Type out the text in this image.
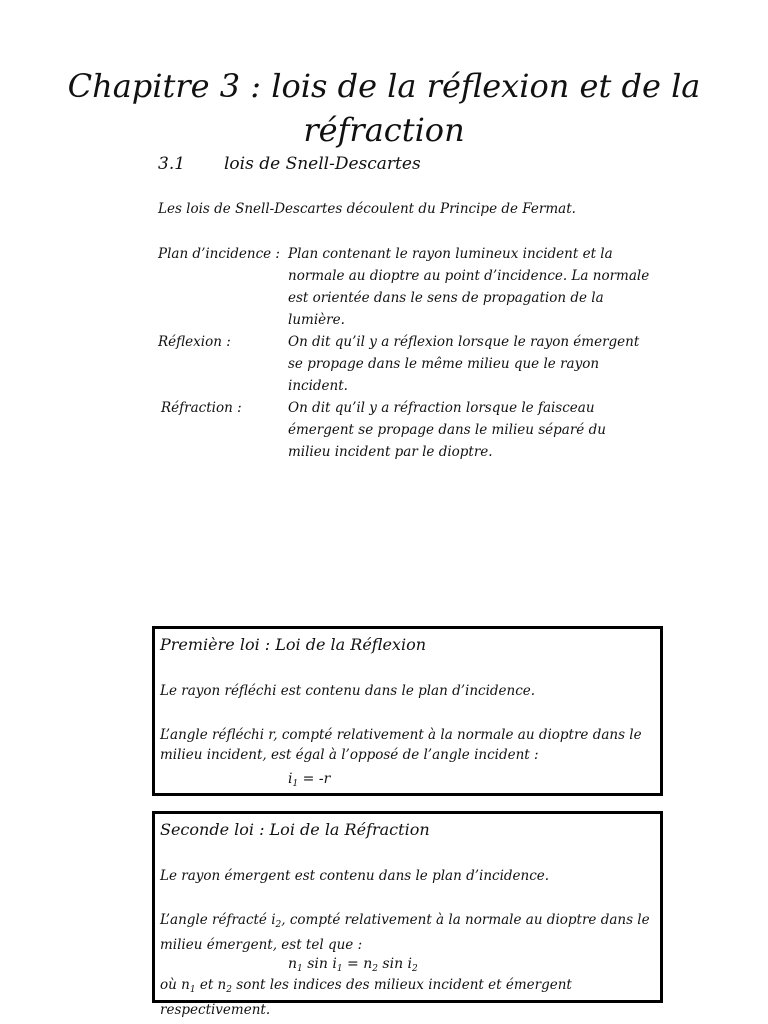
Chapitre 3 : lois de la réflexion et de la réfraction
3.1 lois de Snell-Descartes
Les lois de Snell-Descartes découlent du Principe de Fermat.
Plan d’incidence : Plan contenant le rayon lumineux incident et la normale au dioptre au point d’incidence. La normale est orientée dans le sens de propagation de la lumière.
Réflexion :	On dit qu’il y a réflexion lorsque le rayon émergent se propage dans le même milieu que le rayon incident.
Réfraction :	On dit qu’il y a réfraction lorsque le faisceau émergent se propage dans le milieu séparé du milieu incident par le dioptre.
Première loi : Loi de la Réflexion

Le rayon réfléchi est contenu dans le plan d’incidence.

L’angle réfléchi r, compté relativement à la normale au dioptre dans le milieu incident, est égal à l’opposé de l’angle incident :

$i_1 = -r$
Seconde loi : Loi de la Réfraction

Le rayon émergent est contenu dans le plan d’incidence.

L’angle réfracté $i_2$, compté relativement à la normale au dioptre dans le milieu émergent, est tel que :

$n_1$ $\sin i_1 = n_2$ $\sin i_2$

où $n_1$ et $n_2$ sont les indices des milieux incident et émergent respectivement.
